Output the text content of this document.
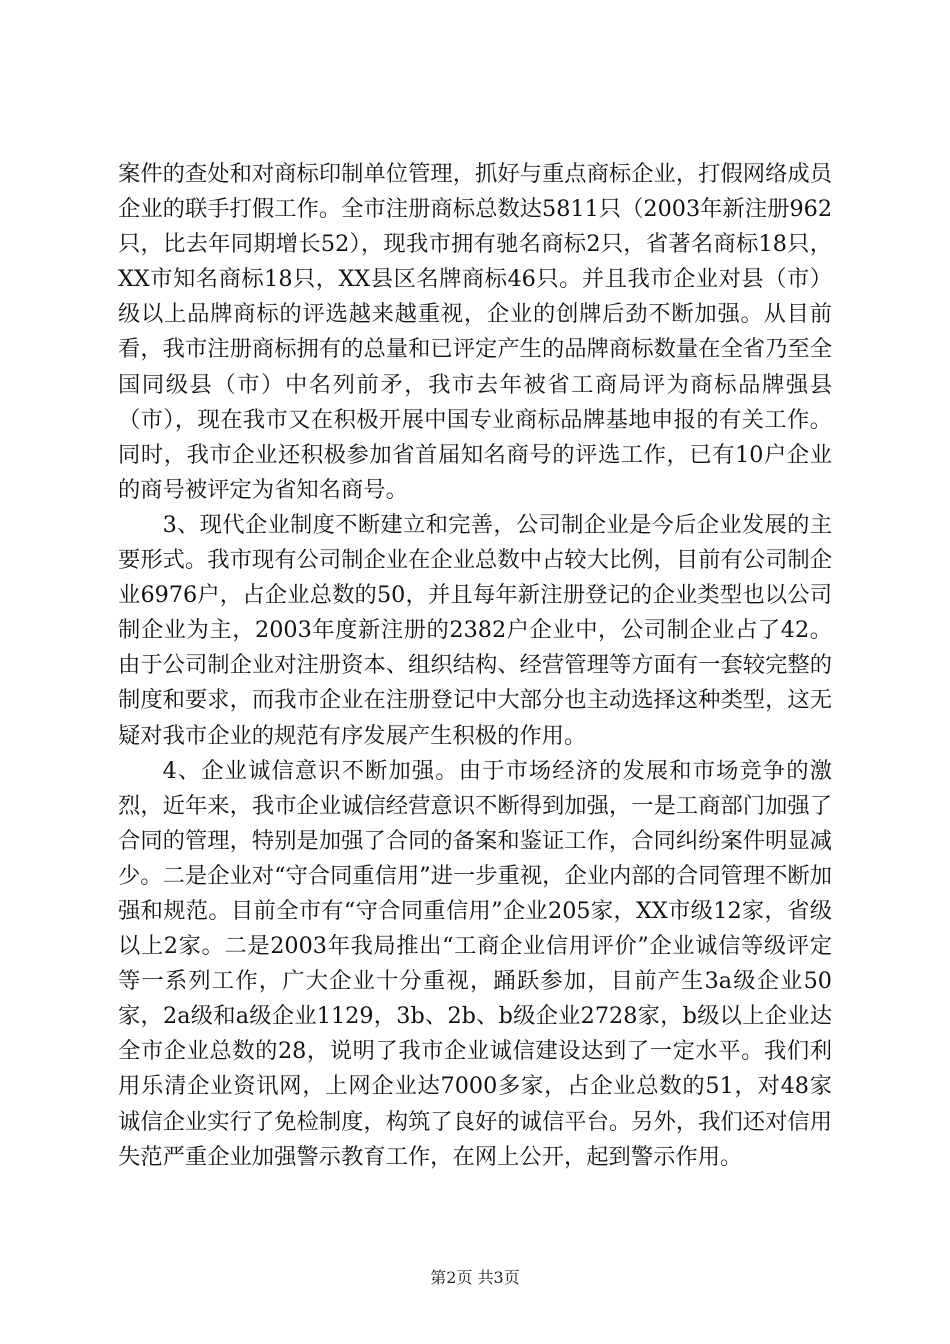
案件的查处和对商标印制单位管理，抓好与重点商标企业，打假网络成员企业的联手打假工作。全市注册商标总数达5811只（2003年新注册962只，比去年同期增长52），现我市拥有驰名商标2只，省著名商标18只，XX市知名商标18只，XX县区名牌商标46只。并且我市企业对县（市）级以上品牌商标的评选越来越重视，企业的创牌后劲不断加强。从目前看，我市注册商标拥有的总量和已评定产生的品牌商标数量在全省乃至全国同级县（市）中名列前矛，我市去年被省工商局评为商标品牌强县（市），现在我市又在积极开展中国专业商标品牌基地申报的有关工作。同时，我市企业还积极参加省首届知名商号的评选工作，已有10户企业的商号被评定为省知名商号。

3、现代企业制度不断建立和完善，公司制企业是今后企业发展的主要形式。我市现有公司制企业在企业总数中占较大比例，目前有公司制企业6976户，占企业总数的50，并且每年新注册登记的企业类型也以公司制企业为主，2003年度新注册的2382户企业中，公司制企业占了42。由于公司制企业对注册资本、组织结构、经营管理等方面有一套较完整的制度和要求，而我市企业在注册登记中大部分也主动选择这种类型，这无疑对我市企业的规范有序发展产生积极的作用。

4、企业诚信意识不断加强。由于市场经济的发展和市场竞争的激烈，近年来，我市企业诚信经营意识不断得到加强，一是工商部门加强了合同的管理，特别是加强了合同的备案和鉴证工作，合同纠纷案件明显减少。二是企业对“守合同重信用”进一步重视，企业内部的合同管理不断加强和规范。目前全市有“守合同重信用”企业205家，XX市级12家，省级以上2家。二是2003年我局推出“工商企业信用评价”企业诚信等级评定等一系列工作，广大企业十分重视，踊跃参加，目前产生3a级企业50家，2a级和a级企业1129，3b、2b、b级企业2728家，b级以上企业达全市企业总数的28，说明了我市企业诚信建设达到了一定水平。我们利用乐清企业资讯网，上网企业达7000多家，占企业总数的51，对48家诚信企业实行了免检制度，构筑了良好的诚信平台。另外，我们还对信用失范严重企业加强警示教育工作，在网上公开，起到警示作用。

第2页 共3页
